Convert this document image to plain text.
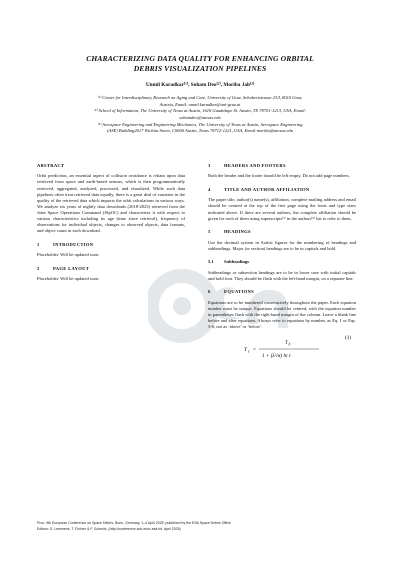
CHARACTERIZING DATA QUALITY FOR ENHANCING ORBITAL
DEBRIS VISUALIZATION PIPELINES
Unmil Karadkar⁽¹⁾, Soham Deo⁽²⁾, Moriba Jah⁽³⁾
⁽¹⁾ Center for Interdisciplinary Research on Aging and Care, University of Graz, Schubertstrasse 23/I, 8010 Graz,
Austria, Email: unmil.karadkar@uni-graz.at
⁽²⁾ School of Information, The University of Texas at Austin, 1616 Guadalupe St. Austin, TX 78701-1213, USA, Email:
sohamdeo@utexas.edu
⁽³⁾ Aerospace Engineering and Engineering Mechanics, The University of Texas at Austin, Aerospace Engineering
(ASE) Building2617 Wichita Street, C0600 Austin, Texas 78712-1221, USA, Email:moriba@utexas.edu
ABSTRACT

Orbit prediction, an essential aspect of collision avoidance is reliant upon data retrieved from space and earth-based sensors, which is then programmatically retrieved, aggregated, analyzed, processed, and visualized. While such data pipelines often treat retrieved data equally, there is a great deal of variation in the quality of the retrieved data which impacts the orbit calculations in various ways. We analyze six years of nightly data downloads (2018-2023) retrieved from the Joint Space Operations Command (JSpOC) and characterize it with respect to various characteristics including its age (time since retrieval), frequency of observations for individual objects, changes to observed objects, data formats, and object count in each download.

1	INTRODUCTION

Placeholder. Will be updated soon.

2	PAGE LAYOUT

Placeholder. Will be updated soon.

3	HEADERS AND FOOTERS

Both the header and the footer should be left empty. Do not add page numbers.

4	TITLE AND AUTHOR AFFILIATION

The paper title, author(s) name(s), affiliation, complete mailing address and email should be centred at the top of the first page using the fonts and type sizes indicated above. If there are several authors, the complete affiliation should be given for each of them using superscripts⁽¹⁾ in the authors⁽²⁾ list to refer to them.

5	HEADINGS

Use the decimal system in Arabic figures for the numbering of headings and subheadings. Major (or section) headings are to be in capitals and bold.

5.1 Subheadings

Subheadings or subsection headings are to be in lower case with initial capitals and bold font. They should be flush with the left-hand margin, on a separate line.

6	EQUATIONS

Equations are to be numbered consecutively throughout the paper. Each equation number must be unique. Equations should be centred, with the equation number in parentheses flush with the right-hand margin of the column. Leave a blank line before and after equations. Always refer to equations by number, as Eq. 1 or Eqs. 3-6; not as ‘above’ or ‘below’.

T s =
T b
1 + (λ²/α) ln ε
(1)
Proc. 9th European Conference on Space Debris, Bonn, Germany, 1–4 April 2025, published by the ESA Space Debris Office
Editors: S. Lemmens, T. Flohrer & F. Schmitz, (http://conference.sdo.esoc.esa.int, April 2025)
